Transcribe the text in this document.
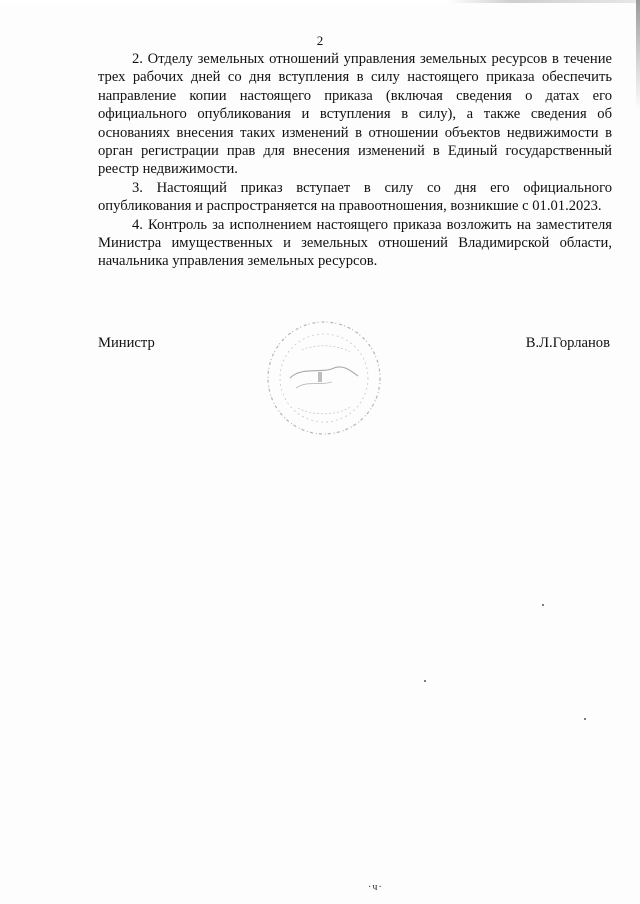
2

2. Отделу земельных отношений управления земельных ресурсов в течение трех рабочих дней со дня вступления в силу настоящего приказа обеспечить направление копии настоящего приказа (включая сведения о датах его официального опубликования и вступления в силу), а также сведения об основаниях внесения таких изменений в отношении объектов недвижимости в орган регистрации прав для внесения изменений в Единый государственный реестр недвижимости.

3. Настоящий приказ вступает в силу со дня его официального опубликования и распространяется на правоотношения, возникшие с 01.01.2023.

4. Контроль за исполнением настоящего приказа возложить на заместителя Министра имущественных и земельных отношений Владимирской области, начальника управления земельных ресурсов.

Министр	В.Л.Горланов
·ч·
